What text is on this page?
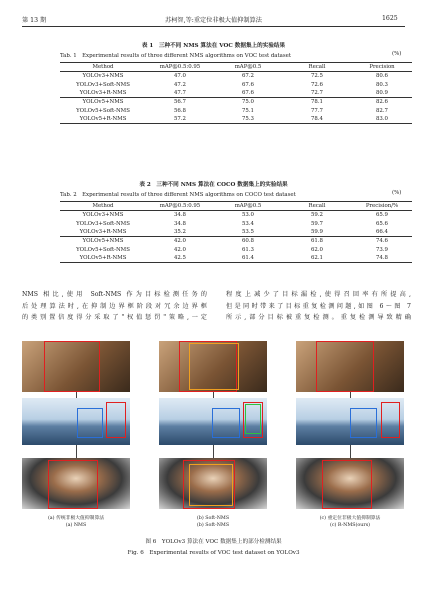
第 13 期	苏柯智,等:重定位非极大值抑制算法	1625
表 1　三种不同 NMS 算法在 VOC 数据集上的实验结果
Tab. 1　Experimental results of three different NMS algorithms on VOC test dataset	(%)
Method	mAP@0.5:0.95	mAP@0.5	Recall	Precision
YOLOv3+NMS	47.0	67.2	72.5	80.6
YOLOv3+Soft-NMS	47.2	67.6	72.6	80.3
YOLOv3+R-NMS	47.7	67.6	72.7	80.9
YOLOv5+NMS	56.7	75.0	78.1	82.6
YOLOv5+Soft-NMS	56.8	75.1	77.7	82.7
YOLOv5+R-NMS	57.2	75.3	78.4	83.0
表 2　三种不同 NMS 算法在 COCO 数据集上的实验结果
Tab. 2　Experimental results of three different NMS algorithms on COCO test dataset	(%)
Method	mAP@0.5:0.95	mAP@0.5	Recall	Precision/%
YOLOv3+NMS	34.8	53.0	59.2	65.9
YOLOv3+Soft-NMS	34.8	53.4	59.7	65.6
YOLOv3+R-NMS	35.2	53.5	59.9	66.4
YOLOv5+NMS	42.0	60.8	61.8	74.6
YOLOv5+Soft-NMS	42.0	61.3	62.0	73.9
YOLOv5+R-NMS	42.5	61.4	62.1	74.8
NMS 相比,使用 Soft-NMS 作为目标检测任务的
后处理算法时,在抑制边界框阶段对冗余边界框
的类别置信度得分采取了"权值惩罚"策略,一定
程度上减少了目标漏检,使得召回率有所提高,
但是同时带来了目标重复检测问题,如图 6～图 7
所示,部分目标被重复检测。重复检测导致精确
(a) 传统非极大值抑制算法
(a) NMS
(b) Soft-NMS
(b) Soft-NMS
(c) 重定位非极大值抑制算法
(c) R-NMS(ours)
图 6　YOLOv3 算法在 VOC 数据集上的部分检测结果
Fig. 6　Experimental results of VOC test dataset on YOLOv3
